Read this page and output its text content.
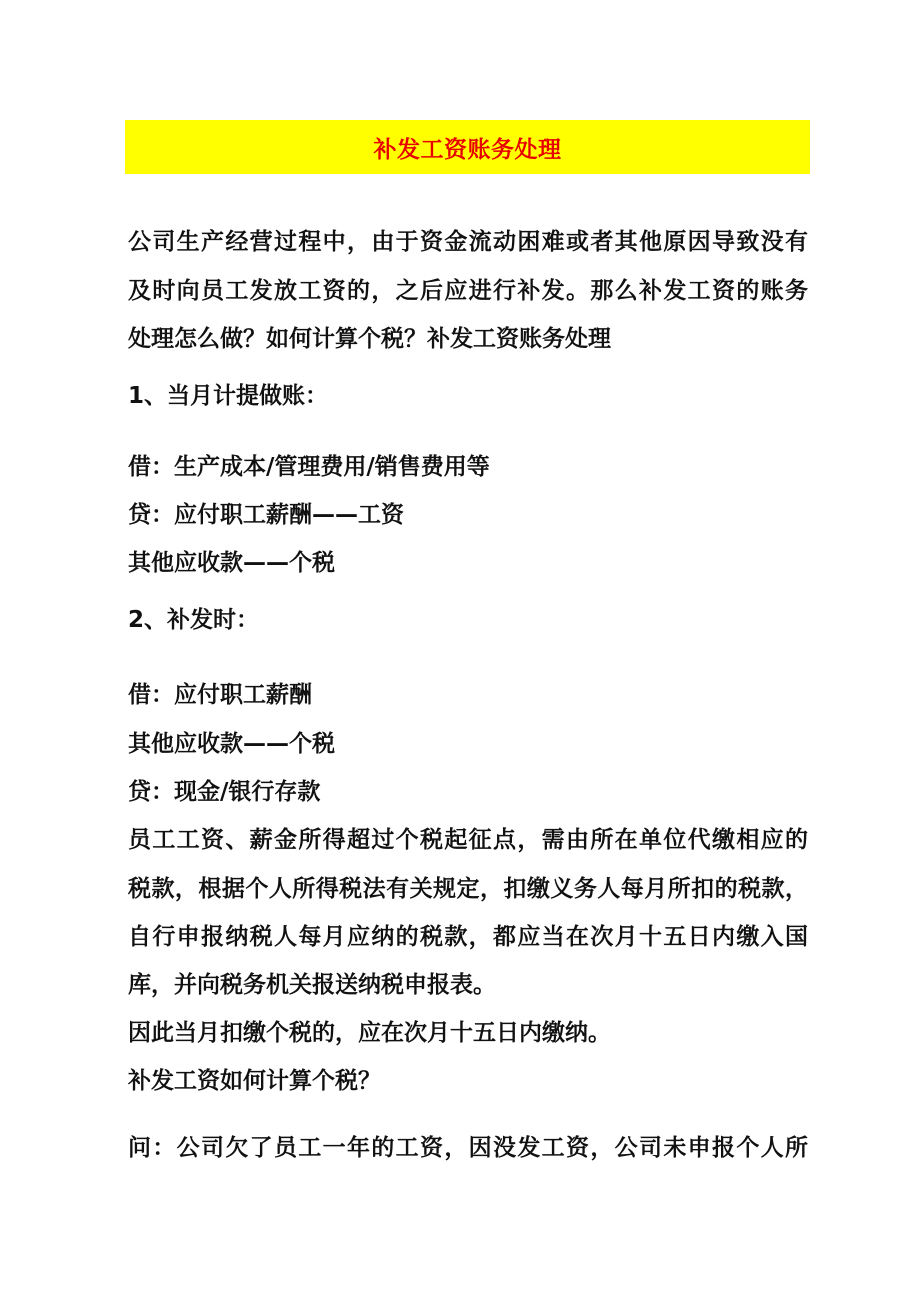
补发工资账务处理
公司生产经营过程中，由于资金流动困难或者其他原因导致没有
及时向员工发放工资的，之后应进行补发。那么补发工资的账务
处理怎么做？如何计算个税？补发工资账务处理
1、当月计提做账：
借：生产成本/管理费用/销售费用等
贷：应付职工薪酬——工资
其他应收款——个税
2、补发时：
借：应付职工薪酬
其他应收款——个税
贷：现金/银行存款
员工工资、薪金所得超过个税起征点，需由所在单位代缴相应的
税款，根据个人所得税法有关规定，扣缴义务人每月所扣的税款，
自行申报纳税人每月应纳的税款，都应当在次月十五日内缴入国
库，并向税务机关报送纳税申报表。
因此当月扣缴个税的，应在次月十五日内缴纳。
补发工资如何计算个税？
问：公司欠了员工一年的工资，因没发工资，公司未申报个人所
